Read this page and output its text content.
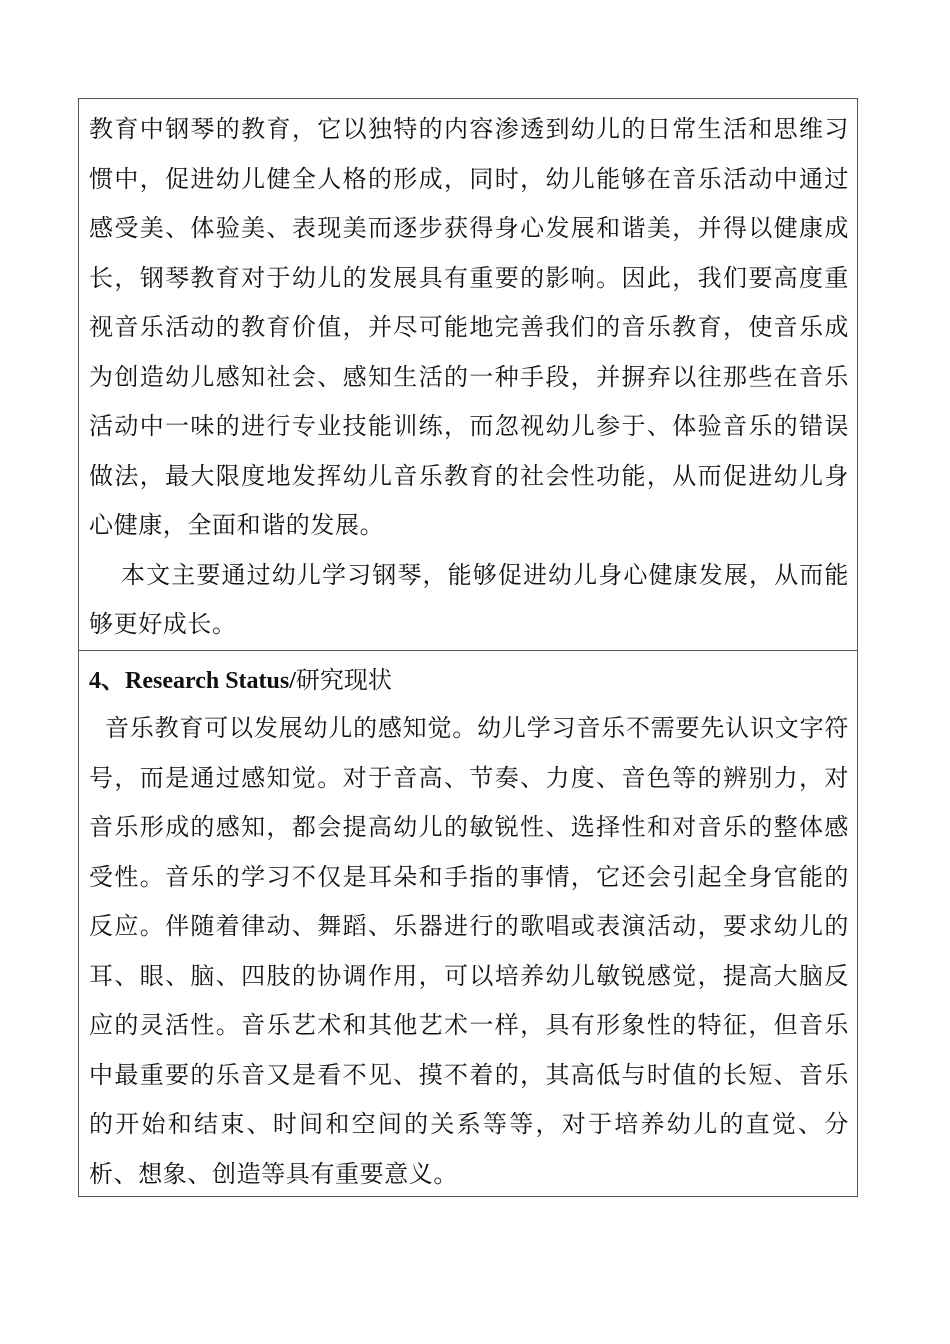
教育中钢琴的教育，它以独特的内容渗透到幼儿的日常生活和思维习惯中，促进幼儿健全人格的形成，同时，幼儿能够在音乐活动中通过感受美、体验美、表现美而逐步获得身心发展和谐美，并得以健康成长，钢琴教育对于幼儿的发展具有重要的影响。因此，我们要高度重视音乐活动的教育价值，并尽可能地完善我们的音乐教育，使音乐成为创造幼儿感知社会、感知生活的一种手段，并摒弃以往那些在音乐活动中一味的进行专业技能训练，而忽视幼儿参于、体验音乐的错误做法，最大限度地发挥幼儿音乐教育的社会性功能，从而促进幼儿身心健康，全面和谐的发展。

本文主要通过幼儿学习钢琴，能够促进幼儿身心健康发展，从而能够更好成长。

4、Research Status/研究现状

音乐教育可以发展幼儿的感知觉。幼儿学习音乐不需要先认识文字符号，而是通过感知觉。对于音高、节奏、力度、音色等的辨别力，对音乐形成的感知，都会提高幼儿的敏锐性、选择性和对音乐的整体感受性。音乐的学习不仅是耳朵和手指的事情，它还会引起全身官能的反应。伴随着律动、舞蹈、乐器进行的歌唱或表演活动，要求幼儿的耳、眼、脑、四肢的协调作用，可以培养幼儿敏锐感觉，提高大脑反应的灵活性。音乐艺术和其他艺术一样，具有形象性的特征，但音乐中最重要的乐音又是看不见、摸不着的，其高低与时值的长短、音乐的开始和结束、时间和空间的关系等等，对于培养幼儿的直觉、分析、想象、创造等具有重要意义。
